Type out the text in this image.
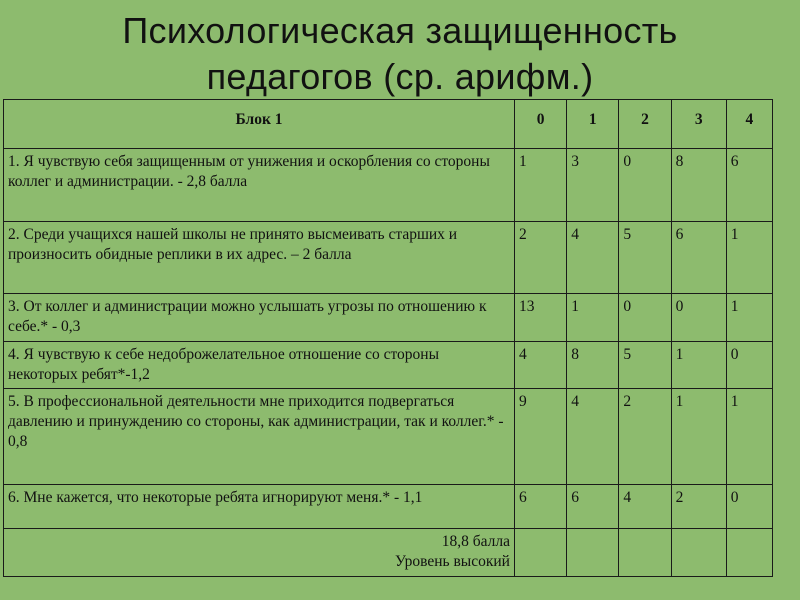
Психологическая защищенность
педагогов (ср. арифм.)
Блок 1	0	1	2	3	4
1. Я чувствую себя защищенным от унижения и оскорбления со стороны коллег и администрации. - 2,8 балла	1	3	0	8	6
2. Среди учащихся нашей школы не принято высмеивать старших и произносить обидные реплики в их адрес. – 2 балла	2	4	5	6	1
3. От коллег и администрации можно услышать угрозы по отношению к себе.* - 0,3	13	1	0	0	1
4. Я чувствую к себе недоброжелательное отношение со стороны некоторых ребят*-1,2	4	8	5	1	0
5. В профессиональной деятельности мне приходится подвергаться давлению и принуждению со стороны, как администрации, так и коллег.* - 0,8	9	4	2	1	1
6. Мне кажется, что некоторые ребята игнорируют меня.* - 1,1	6	6	4	2	0

18,8 балла
Уровень высокий					
